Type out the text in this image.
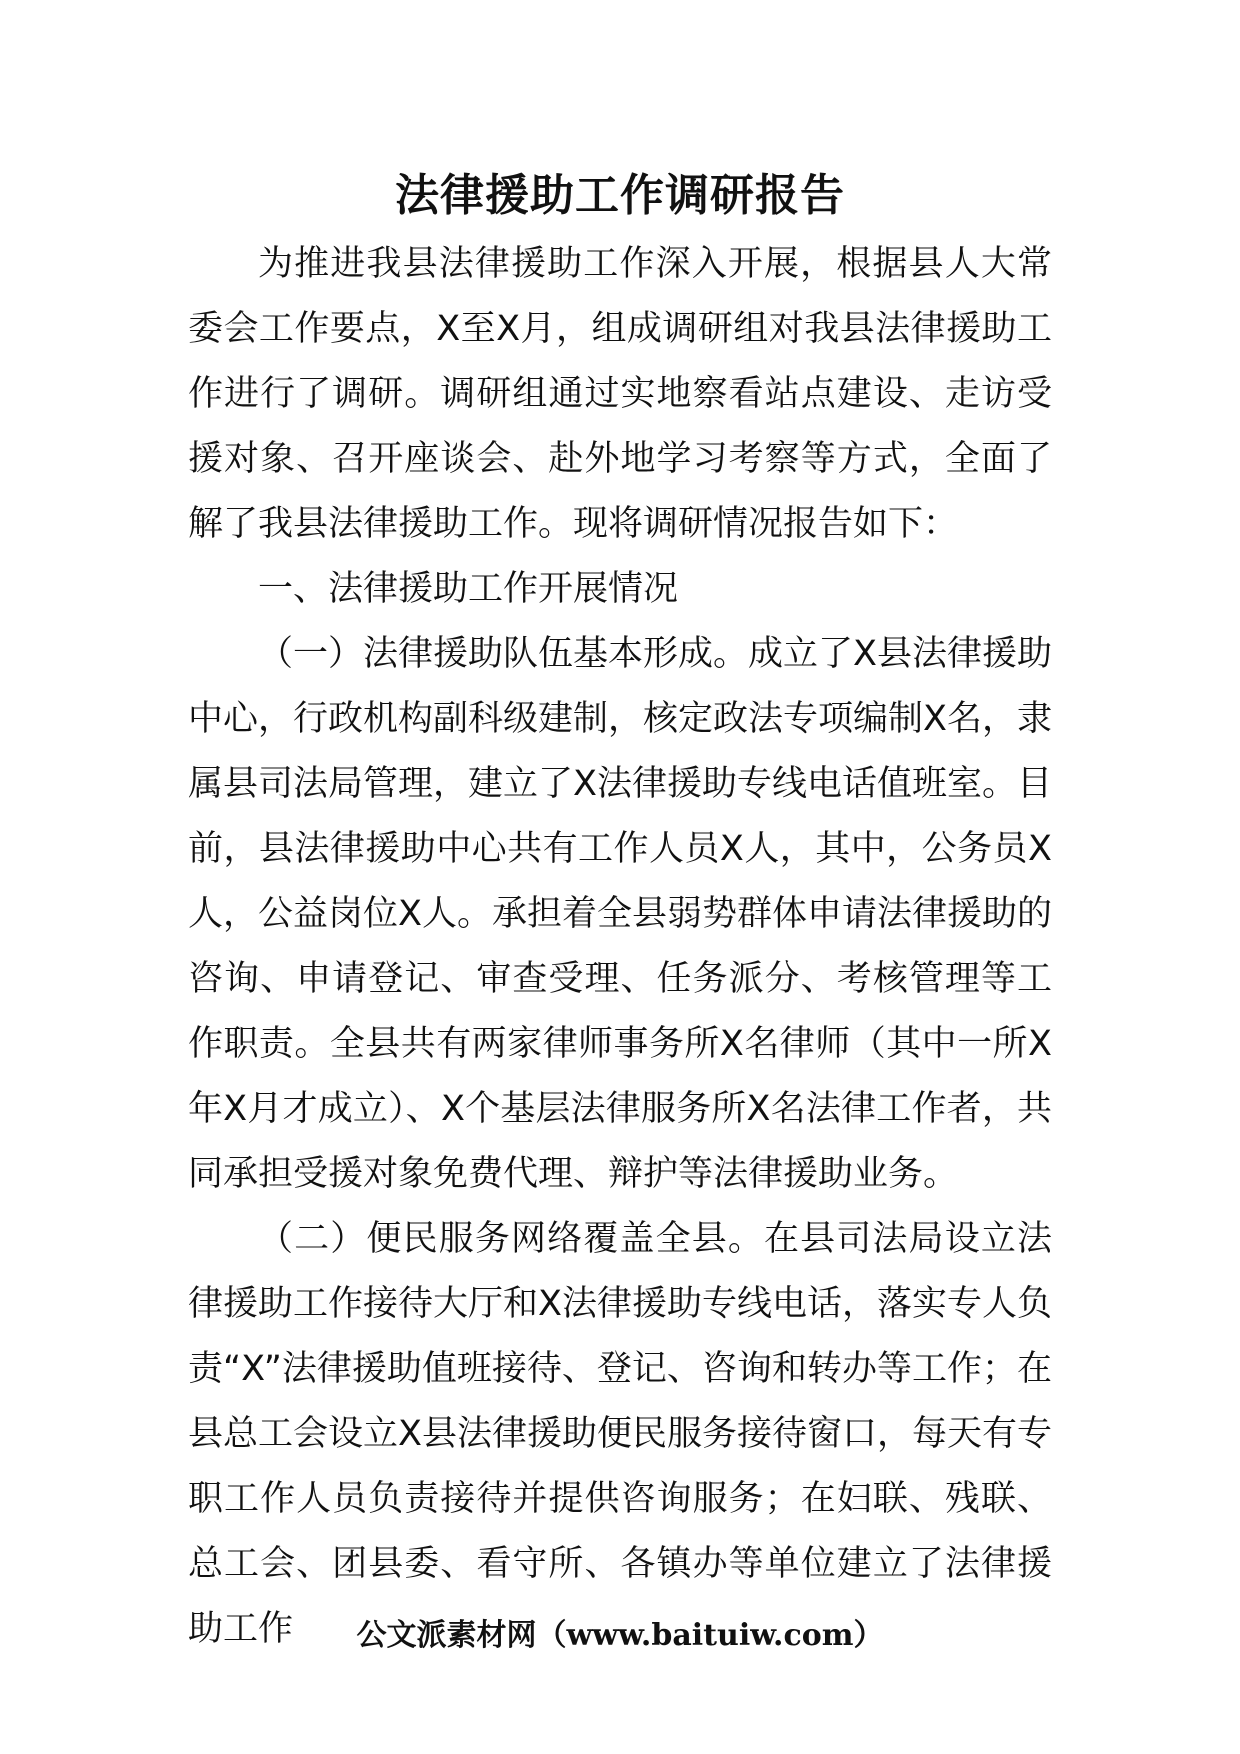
法律援助工作调研报告

为推进我县法律援助工作深入开展，根据县人大常委会工作要点，X至X月，组成调研组对我县法律援助工作进行了调研。调研组通过实地察看站点建设、走访受援对象、召开座谈会、赴外地学习考察等方式，全面了解了我县法律援助工作。现将调研情况报告如下：

一、法律援助工作开展情况

（一）法律援助队伍基本形成。成立了X县法律援助中心，行政机构副科级建制，核定政法专项编制X名，隶属县司法局管理，建立了X法律援助专线电话值班室。目前，县法律援助中心共有工作人员X人，其中，公务员X人，公益岗位X人。承担着全县弱势群体申请法律援助的咨询、申请登记、审查受理、任务派分、考核管理等工作职责。全县共有两家律师事务所X名律师（其中一所X年X月才成立）、X个基层法律服务所X名法律工作者，共同承担受援对象免费代理、辩护等法律援助业务。

（二）便民服务网络覆盖全县。在县司法局设立法律援助工作接待大厅和X法律援助专线电话，落实专人负责“X”法律援助值班接待、登记、咨询和转办等工作；在县总工会设立X县法律援助便民服务接待窗口，每天有专职工作人员负责接待并提供咨询服务；在妇联、残联、总工会、团县委、看守所、各镇办等单位建立了法律援助工作	公文派素材网（www.baituiw.com）
